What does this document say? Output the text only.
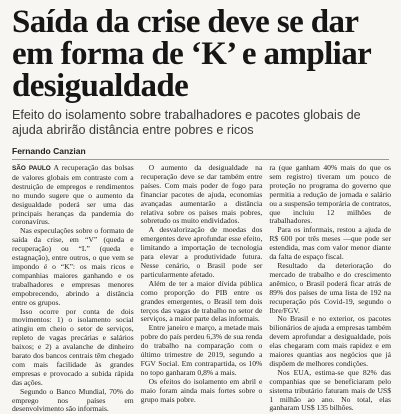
Saída da crise deve se dar em forma de ‘K’ e ampliar desigualdade

Efeito do isolamento sobre trabalhadores e pacotes globais de ajuda abrirão distância entre pobres e ricos

Fernando Canzian

SÃO PAULO A recuperação das bolsas de valores globais em contraste com a destruição de empregos e rendimentos no mundo sugere que o aumento da desigualdade poderá ser uma das principais heranças da pandemia do coronavírus.

Nas especulações sobre o formato de saída da crise, em “V” (queda e recuperação) ou “L” (queda e estagnação), entre outros, o que vem se impondo é o “K”: os mais ricos e companhias maiores ganhando e os trabalhadores e empresas menores empobrecendo, abrindo a distância entre os grupos.

Isso ocorre por conta de dois movimentos: 1) o isolamento social atingiu em cheio o setor de serviços, repleto de vagas precárias e salários baixos; e 2) a avalanche de dinheiro barato dos bancos centrais têm chegado com mais facilidade às grandes empresas e provocado a subida rápida das ações.

Segundo o Banco Mundial, 70% do emprego nos países em desenvolvimento são informais.

O aumento da desigualdade na recuperação deve se dar também entre países. Com mais poder de fogo para financiar pacotes de ajuda, economias avançadas aumentarão a distância relativa sobre os países mais pobres, sobretudo os muito endividados.

A desvalorização de moedas dos emergentes deve aprofundar esse efeito, limitando a importação de tecnologia para elevar a produtividade futura. Nesse cenário, o Brasil pode ser particularmente afetado.

Além de ter a maior dívida pública como proporção do PIB entre os grandes emergentes, o Brasil tem dois terços das vagas de trabalho no setor de serviços, a maior parte delas informais.

Entre janeiro e março, a metade mais pobre do país perdeu 6,3% de sua renda do trabalho na comparação com o último trimestre de 2019, segundo a FGV Social. Em contrapartida, os 10% no topo ganharam 0,8% a mais.

Os efeitos do isolamento em abril e maio foram ainda mais fortes sobre o grupo mais pobre.

ra (que ganham 40% mais do que os sem registro) tiveram um pouco de proteção no programa do governo que permitia a redução de jornada e salário ou a suspensão temporária de contratos, que incluiu 12 milhões de trabalhadores.

Para os informais, restou a ajuda de R$ 600 por três meses —que pode ser estendida, mas com valor menor diante da falta de espaço fiscal.

Resultado da deterioração do mercado de trabalho e do crescimento anêmico, o Brasil poderá ficar atrás de 89% dos países de uma lista de 192 na recuperação pós Covid-19, segundo o Ibre/FGV.

No Brasil e no exterior, os pacotes bilionários de ajuda a empresas também devem aprofundar a desigualdade, pois elas chegaram com mais rapidez e em maiores quantias aos negócios que já dispõem de melhores condições.

Nos EUA, estima-se que 82% das companhias que se beneficiaram pelo sistema tributário faturam mais de US$ 1 milhão ao ano. No total, elas ganharam US$ 135 bilhões.
